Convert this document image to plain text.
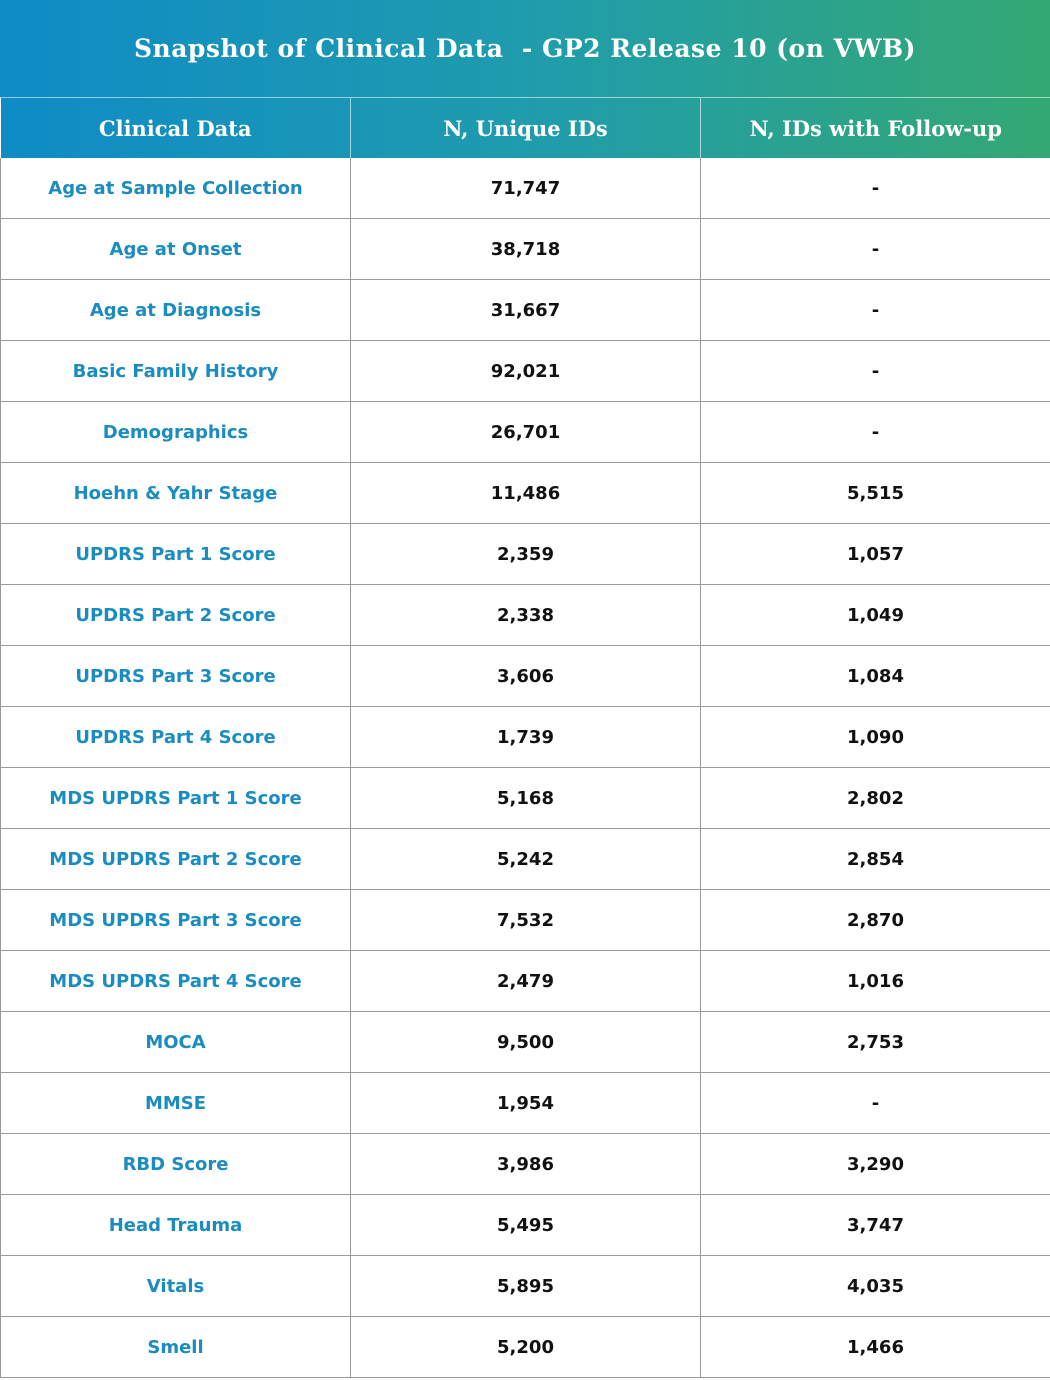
Snapshot of Clinical Data  - GP2 Release 10 (on VWB)
Clinical Data	N, Unique IDs	N, IDs with Follow-up
Age at Sample Collection	71,747	-
Age at Onset	38,718	-
Age at Diagnosis	31,667	-
Basic Family History	92,021	-
Demographics	26,701	-
Hoehn & Yahr Stage	11,486	5,515
UPDRS Part 1 Score	2,359	1,057
UPDRS Part 2 Score	2,338	1,049
UPDRS Part 3 Score	3,606	1,084
UPDRS Part 4 Score	1,739	1,090
MDS UPDRS Part 1 Score	5,168	2,802
MDS UPDRS Part 2 Score	5,242	2,854
MDS UPDRS Part 3 Score	7,532	2,870
MDS UPDRS Part 4 Score	2,479	1,016
MOCA	9,500	2,753
MMSE	1,954	-
RBD Score	3,986	3,290
Head Trauma	5,495	3,747
Vitals	5,895	4,035
Smell	5,200	1,466
